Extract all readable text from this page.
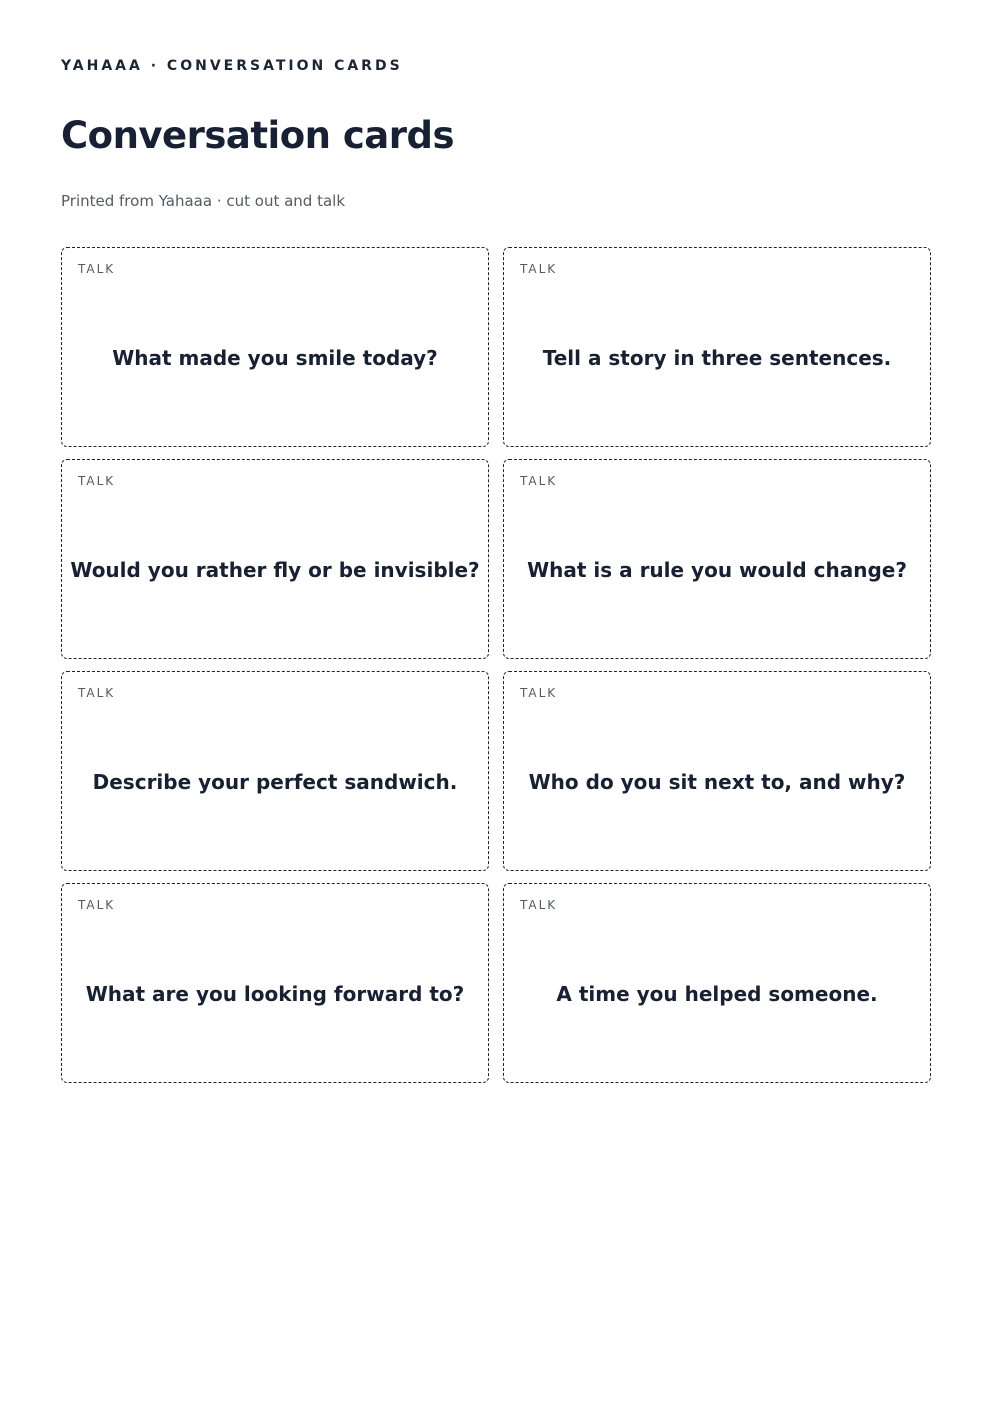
YAHAAA · CONVERSATION CARDS
Conversation cards
Printed from Yahaaa · cut out and talk
TALK
What made you smile today?
TALK
Tell a story in three sentences.
TALK
Would you rather fly or be invisible?
TALK
What is a rule you would change?
TALK
Describe your perfect sandwich.
TALK
Who do you sit next to, and why?
TALK
What are you looking forward to?
TALK
A time you helped someone.
